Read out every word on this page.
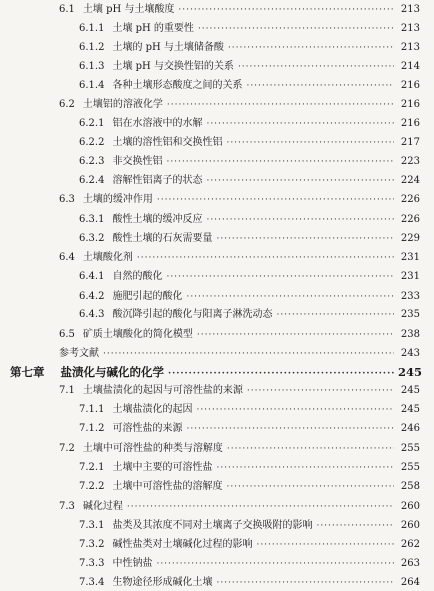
6.1 土壤 pH 与土壤酸度 ·····	213
6.1.1 土壤 pH 的重要性 ·····	213
6.1.2 土壤的 pH 与土壤储备酸 ·····	213
6.1.3 土壤 pH 与交换性铝的关系 ·····	214
6.1.4 各种土壤形态酸度之间的关系 ·····	216
6.2 土壤铝的溶液化学 ·····	216
6.2.1 铝在水溶液中的水解 ·····	216
6.2.2 土壤的溶性铝和交换性铝 ·····	217
6.2.3 非交换性铝 ·····	223
6.2.4 溶解性铝离子的状态 ·····	224
6.3 土壤的缓冲作用 ·····	226
6.3.1 酸性土壤的缓冲反应 ·····	226
6.3.2 酸性土壤的石灰需要量 ·····	229
6.4 土壤酸化剂 ·····	231
6.4.1 自然的酸化 ·····	231
6.4.2 施肥引起的酸化 ·····	233
6.4.3 酸沉降引起的酸化与阳离子淋洗动态 ·····	235
6.5 矿质土壤酸化的简化模型 ·····	238
参考文献 ·····	243
第七章 盐渍化与碱化的化学 ·····	245
7.1 土壤盐渍化的起因与可溶性盐的来源 ·····	245
7.1.1 土壤盐渍化的起因 ·····	245
7.1.2 可溶性盐的来源 ·····	246
7.2 土壤中可溶性盐的种类与溶解度 ·····	255
7.2.1 土壤中主要的可溶性盐 ·····	255
7.2.2 土壤中可溶性盐的溶解度 ·····	258
7.3 碱化过程 ·····	260
7.3.1 盐类及其浓度不同对土壤离子交换吸附的影响 ·····	260
7.3.2 碱性盐类对土壤碱化过程的影响 ·····	262
7.3.3 中性钠盐 ·····	263
7.3.4 生物途径形成碱化土壤 ·····	264
